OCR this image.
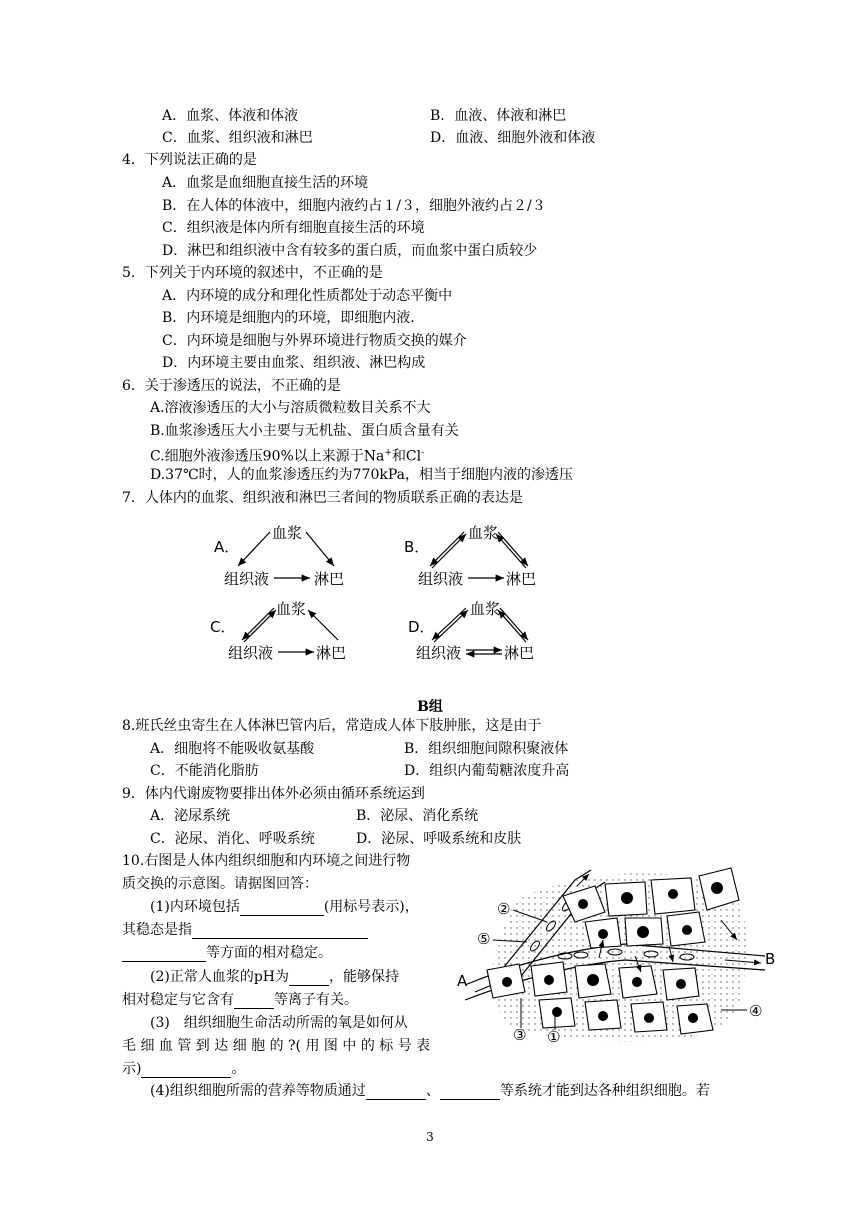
A．血浆、体液和体液	B．血液、体液和淋巴
C．血浆、组织液和淋巴	D．血液、细胞外液和体液
4．下列说法正确的是
A．血浆是血细胞直接生活的环境
B．在人体的体液中，细胞内液约占１/３，细胞外液约占２/３
C．组织液是体内所有细胞直接生活的环境
D．淋巴和组织液中含有较多的蛋白质，而血浆中蛋白质较少
5．下列关于内环境的叙述中，不正确的是
A．内环境的成分和理化性质都处于动态平衡中
B．内环境是细胞内的环境，即细胞内液．
C．内环境是细胞与外界环境进行物质交换的媒介
D．内环境主要由血浆、组织液、淋巴构成
6．关于渗透压的说法，不正确的是
A.溶液渗透压的大小与溶质微粒数目关系不大
B.血浆渗透压大小主要与无机盐、蛋白质含量有关
C.细胞外液渗透压90%以上来源于Na+和Cl-
D.37℃时，人的血浆渗透压约为770kPa，相当于细胞内液的渗透压
7．人体内的血浆、组织液和淋巴三者间的物质联系正确的表达是
A．
血浆
组织液	淋巴
B．
血浆
组织液	淋巴
C．
血浆
组织液	淋巴
D．
血浆
组织液	淋巴
B组
8.班氏丝虫寄生在人体淋巴管内后，常造成人体下肢肿胀，这是由于
A．细胞将不能吸收氨基酸	B．组织细胞间隙积聚液体
C．不能消化脂肪	D．组织内葡萄糖浓度升高
9．体内代谢废物要排出体外必须由循环系统运到
A．泌尿系统	B．泌尿、消化系统
C．泌尿、消化、呼吸系统	D．泌尿、呼吸系统和皮肤
10.右图是人体内组织细胞和内环境之间进行物
质交换的示意图。请据图回答：
(1)内环境包括	(用标号表示)，
其稳态是指
等方面的相对稳定。
(2)正常人血浆的pH为	，能够保持
相对稳定与它含有	等离子有关。
(3)　组织细胞生命活动所需的氧是如何从
毛 细 血 管 到 达 细 胞 的 ?( 用 图 中 的 标 号 表
示)	。
(4)组织细胞所需的营养等物质通过	、	等系统才能到达各种组织细胞。若
②
⑤
A
B
④
③ ①
3
